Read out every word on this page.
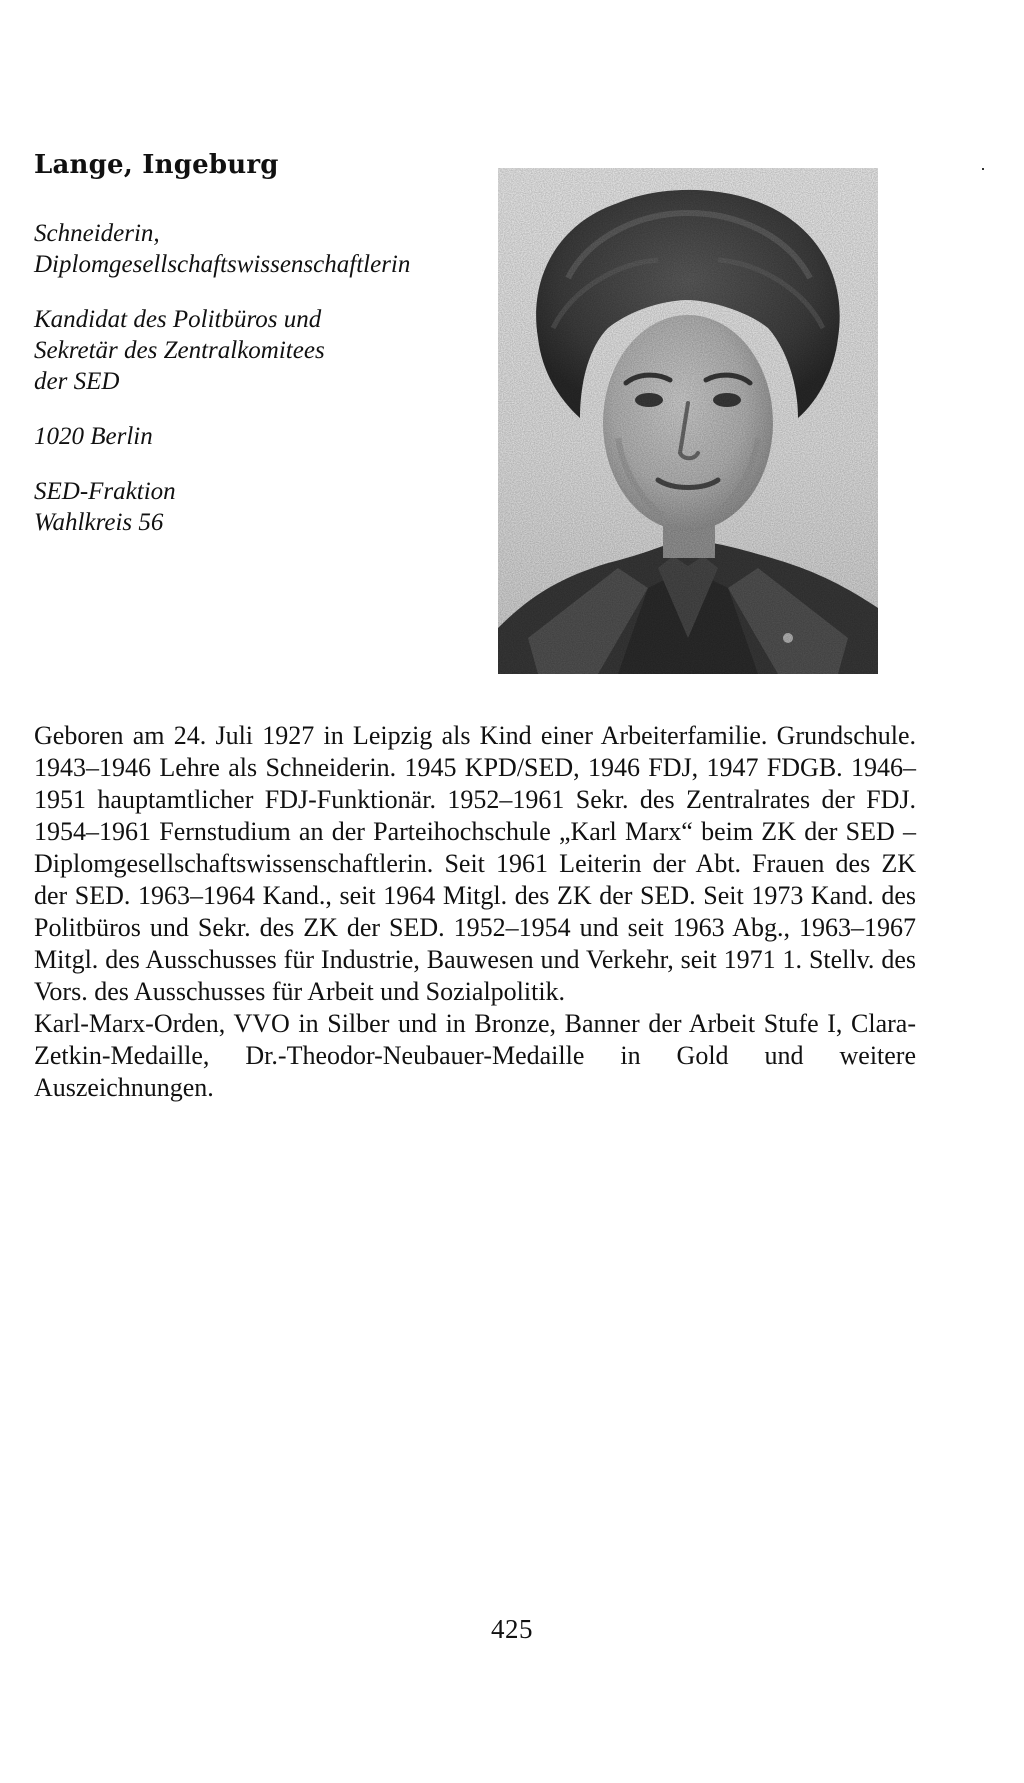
Lange, Ingeburg
Schneiderin,
Diplomgesellschaftswissenschaftlerin
Kandidat des Politbüros und
Sekretär des Zentralkomitees
der SED
1020 Berlin
SED-Fraktion
Wahlkreis 56

Geboren am 24. Juli 1927 in Leipzig als Kind einer Arbeiterfamilie. Grundschule. 1943–1946 Lehre als Schneiderin. 1945 KPD/SED, 1946 FDJ, 1947 FDGB. 1946–1951 hauptamtlicher FDJ-Funktionär. 1952–1961 Sekr. des Zentralrates der FDJ. 1954–1961 Fernstudium an der Parteihochschule „Karl Marx“ beim ZK der SED – Diplomgesellschaftswissenschaftlerin. Seit 1961 Leiterin der Abt. Frauen des ZK der SED. 1963–1964 Kand., seit 1964 Mitgl. des ZK der SED. Seit 1973 Kand. des Politbüros und Sekr. des ZK der SED. 1952–1954 und seit 1963 Abg., 1963–1967 Mitgl. des Ausschusses für Industrie, Bauwesen und Verkehr, seit 1971 1. Stellv. des Vors. des Ausschusses für Arbeit und Sozialpolitik.

Karl-Marx-Orden, VVO in Silber und in Bronze, Banner der Arbeit Stufe I, Clara-Zetkin-Medaille, Dr.-Theodor-Neubauer-Medaille in Gold und weitere Auszeichnungen.

425
